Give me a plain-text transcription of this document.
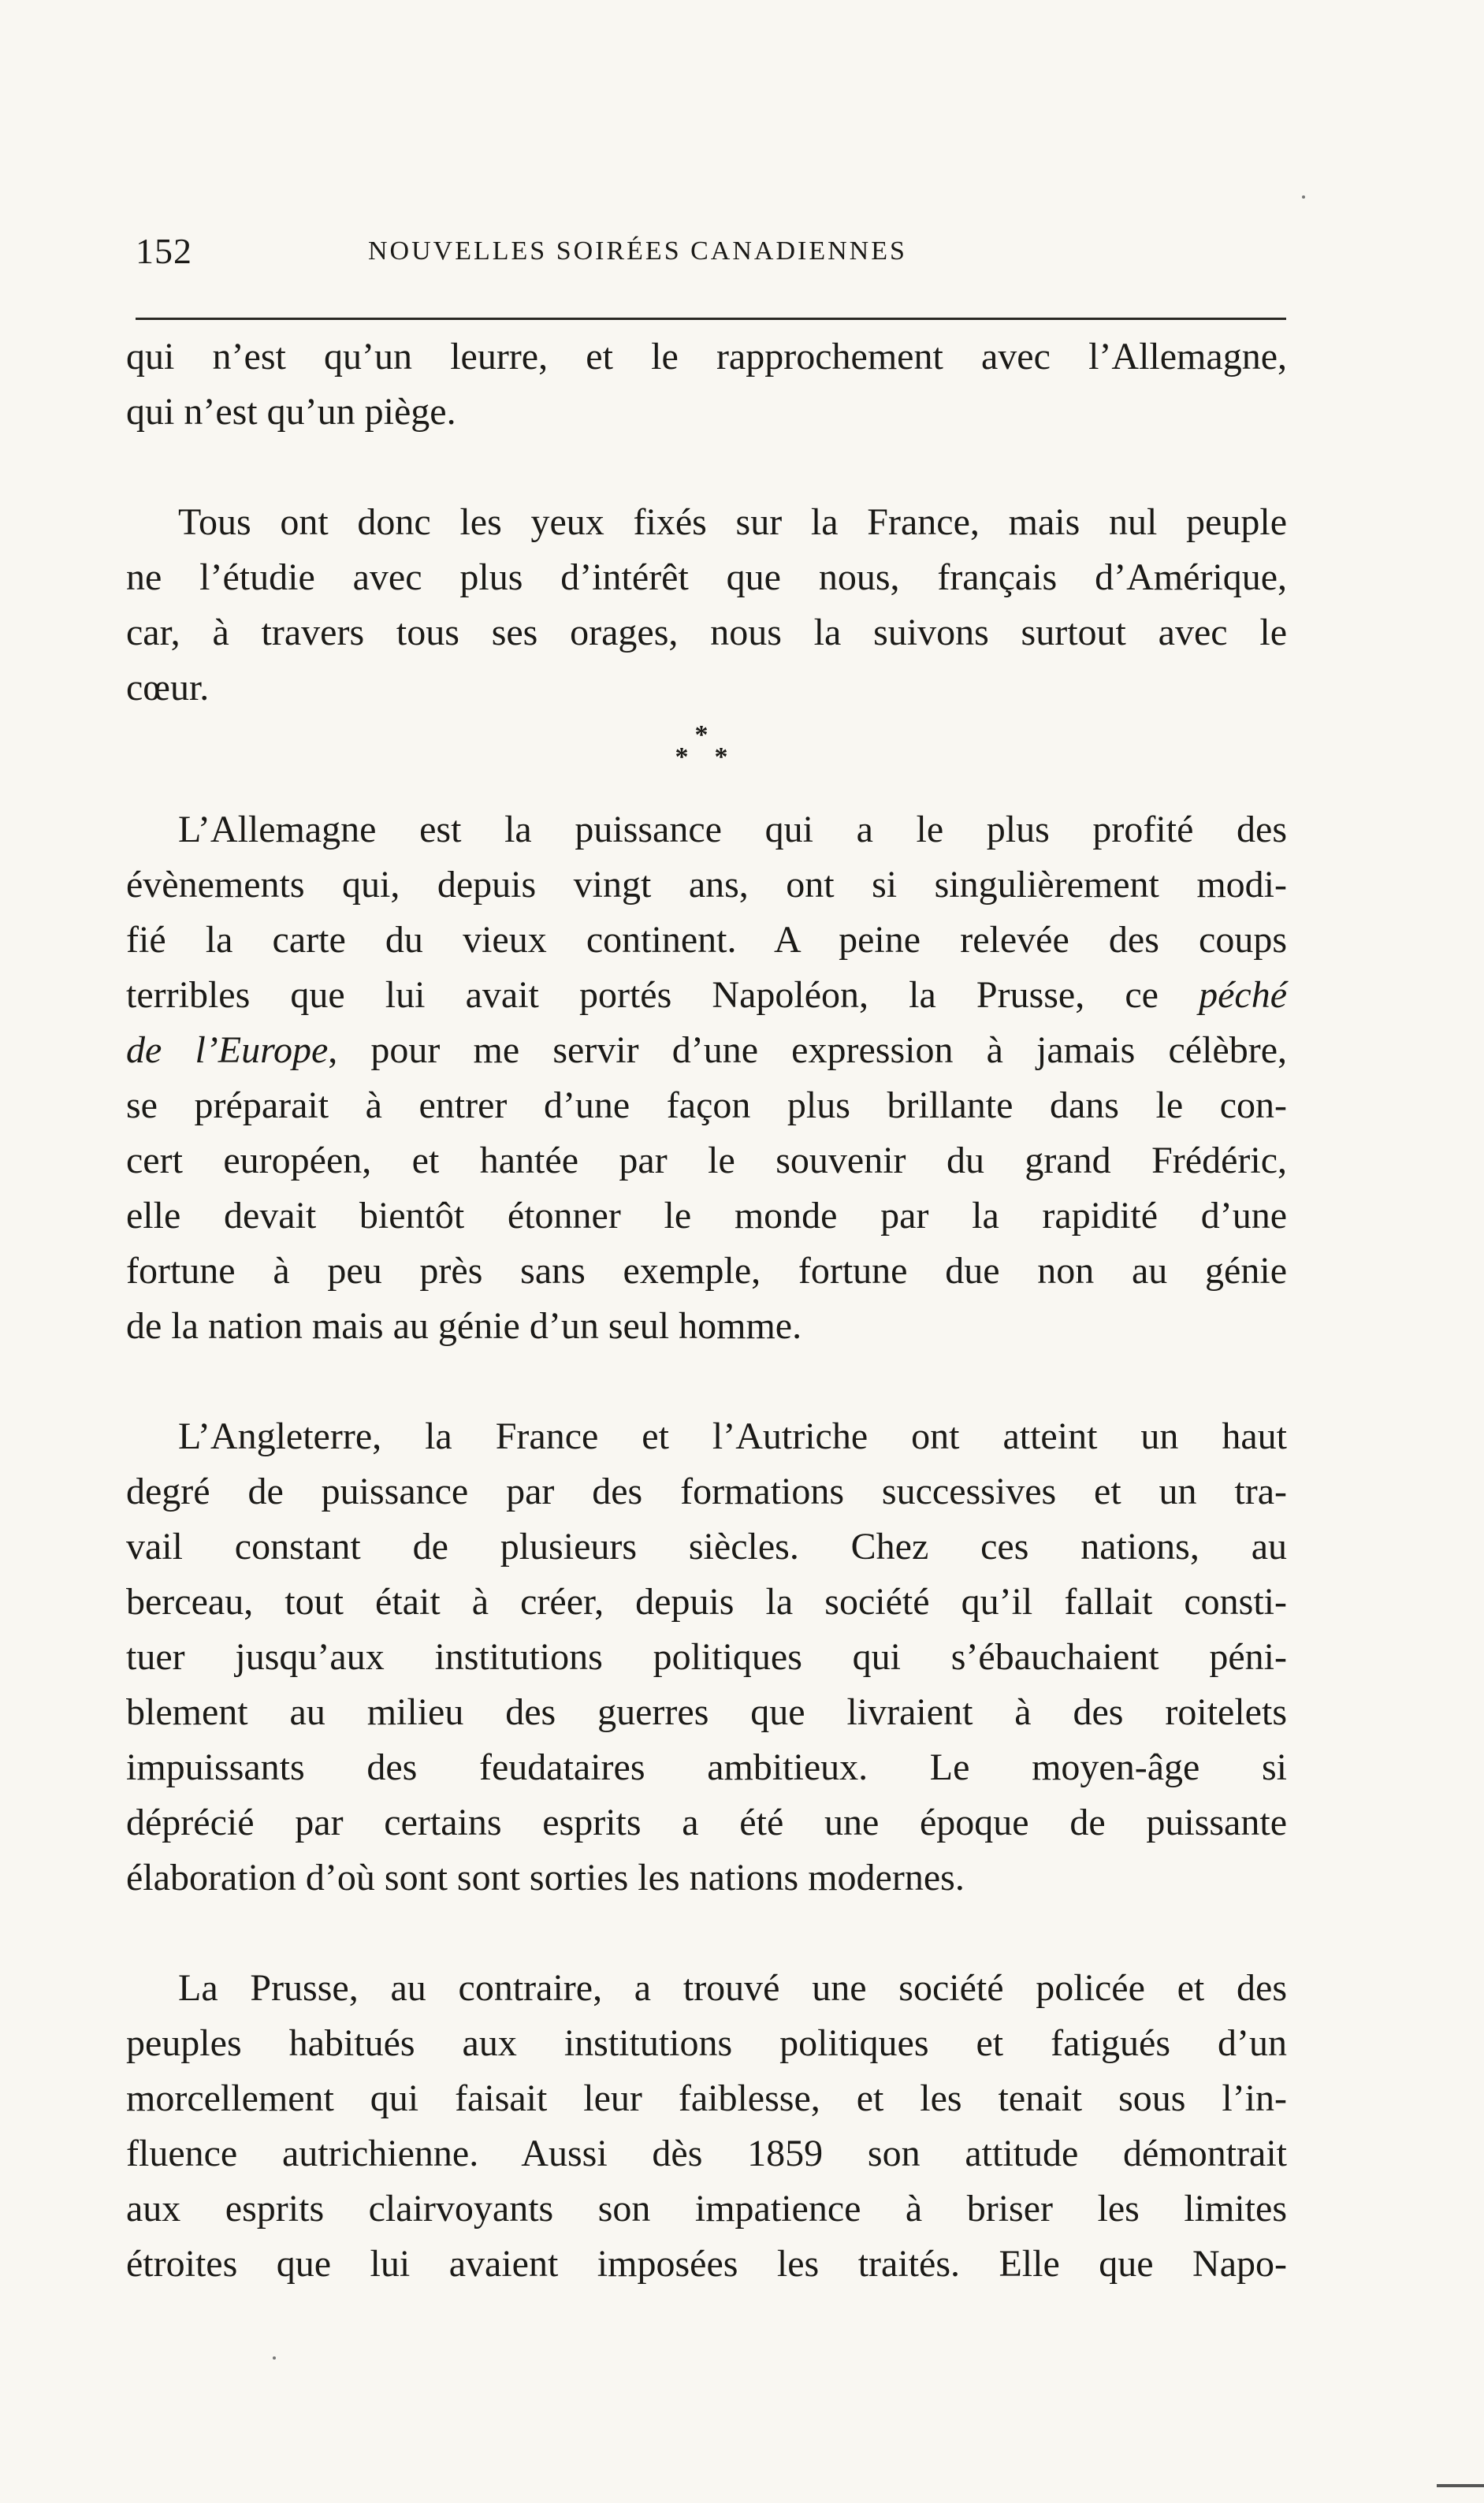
152	NOUVELLES SOIRÉES CANADIENNES

qui n’est qu’un leurre, et le rapprochement avec l’Allemagne,
qui n’est qu’un piège.

Tous ont donc les yeux fixés sur la France, mais nul peuple
ne l’étudie avec plus d’intérêt que nous, français d’Amérique,
car, à travers tous ses orages, nous la suivons surtout avec le
cœur.

*
* *

L’Allemagne est la puissance qui a le plus profité des
évènements qui, depuis vingt ans, ont si singulièrement modi-
fié la carte du vieux continent. A peine relevée des coups
terribles que lui avait portés Napoléon, la Prusse, ce péché
de l’Europe, pour me servir d’une expression à jamais célèbre,
se préparait à entrer d’une façon plus brillante dans le con-
cert européen, et hantée par le souvenir du grand Frédéric,
elle devait bientôt étonner le monde par la rapidité d’une
fortune à peu près sans exemple, fortune due non au génie
de la nation mais au génie d’un seul homme.

L’Angleterre, la France et l’Autriche ont atteint un haut
degré de puissance par des formations successives et un tra-
vail constant de plusieurs siècles. Chez ces nations, au
berceau, tout était à créer, depuis la société qu’il fallait consti-
tuer jusqu’aux institutions politiques qui s’ébauchaient péni-
blement au milieu des guerres que livraient à des roitelets
impuissants des feudataires ambitieux. Le moyen-âge si
déprécié par certains esprits a été une époque de puissante
élaboration d’où sont sont sorties les nations modernes.

La Prusse, au contraire, a trouvé une société policée et des
peuples habitués aux institutions politiques et fatigués d’un
morcellement qui faisait leur faiblesse, et les tenait sous l’in-
fluence autrichienne. Aussi dès 1859 son attitude démontrait
aux esprits clairvoyants son impatience à briser les limites
étroites que lui avaient imposées les traités. Elle que Napo-
